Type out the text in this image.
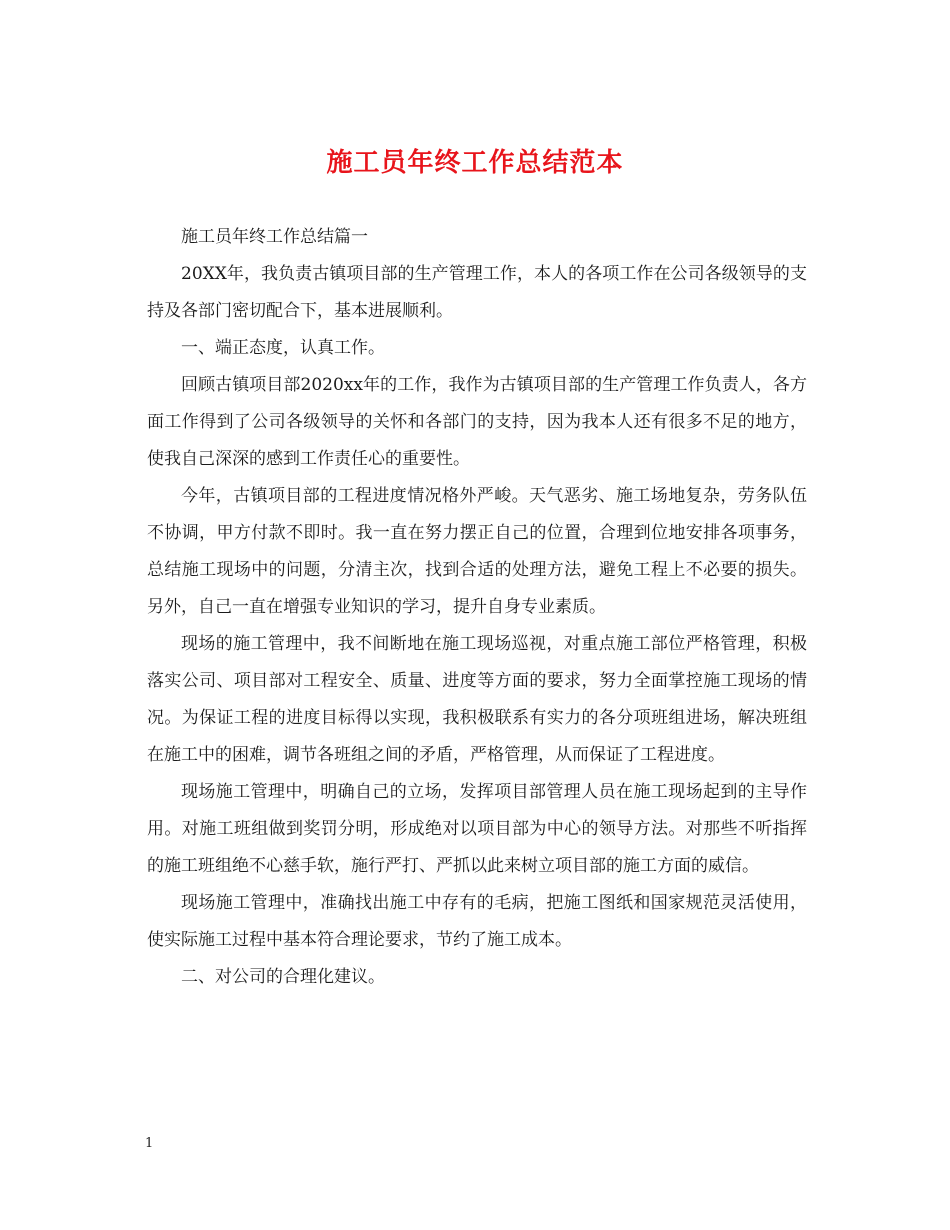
施工员年终工作总结范本

施工员年终工作总结篇一

20XX年，我负责古镇项目部的生产管理工作，本人的各项工作在公司各级领导的支持及各部门密切配合下，基本进展顺利。

一、端正态度，认真工作。

回顾古镇项目部2020xx年的工作，我作为古镇项目部的生产管理工作负责人，各方面工作得到了公司各级领导的关怀和各部门的支持，因为我本人还有很多不足的地方，使我自己深深的感到工作责任心的重要性。

今年，古镇项目部的工程进度情况格外严峻。天气恶劣、施工场地复杂，劳务队伍不协调，甲方付款不即时。我一直在努力摆正自己的位置，合理到位地安排各项事务，总结施工现场中的问题，分清主次，找到合适的处理方法，避免工程上不必要的损失。另外，自己一直在增强专业知识的学习，提升自身专业素质。

现场的施工管理中，我不间断地在施工现场巡视，对重点施工部位严格管理，积极落实公司、项目部对工程安全、质量、进度等方面的要求，努力全面掌控施工现场的情况。为保证工程的进度目标得以实现，我积极联系有实力的各分项班组进场，解决班组在施工中的困难，调节各班组之间的矛盾，严格管理，从而保证了工程进度。

现场施工管理中，明确自己的立场，发挥项目部管理人员在施工现场起到的主导作用。对施工班组做到奖罚分明，形成绝对以项目部为中心的领导方法。对那些不听指挥的施工班组绝不心慈手软，施行严打、严抓以此来树立项目部的施工方面的威信。

现场施工管理中，准确找出施工中存有的毛病，把施工图纸和国家规范灵活使用，使实际施工过程中基本符合理论要求，节约了施工成本。

二、对公司的合理化建议。

1
